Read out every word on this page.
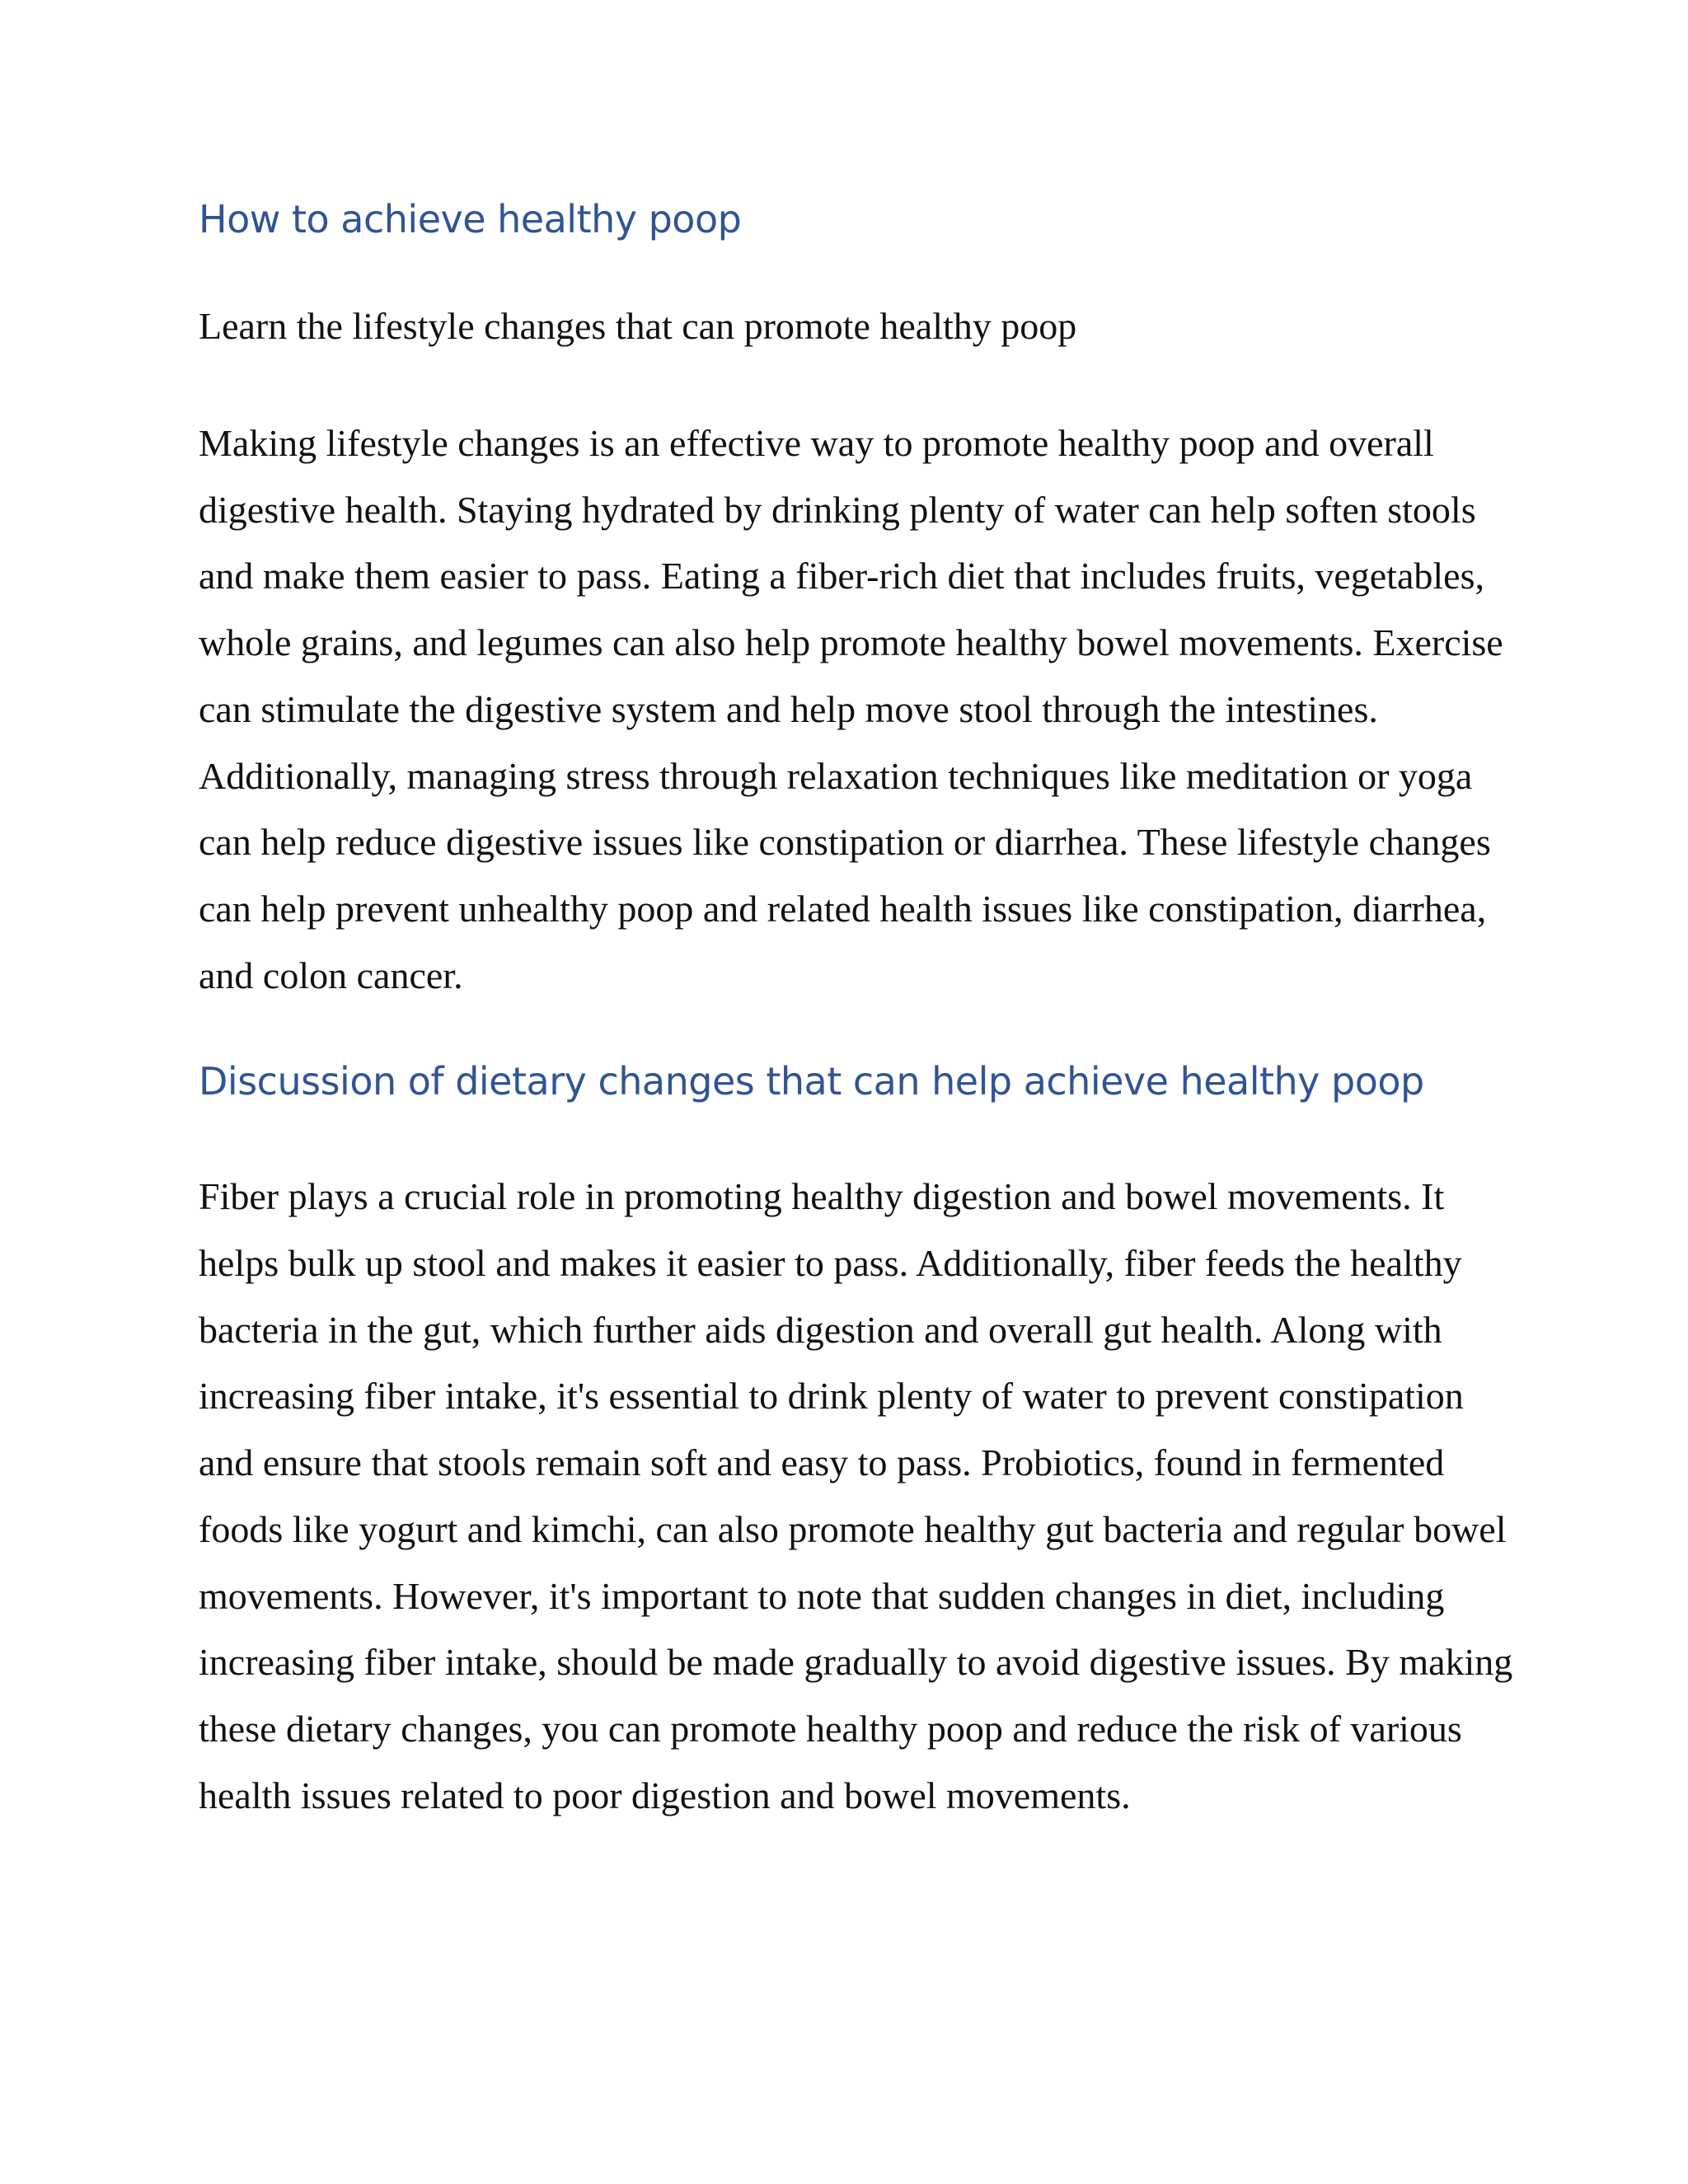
How to achieve healthy poop

Learn the lifestyle changes that can promote healthy poop

Making lifestyle changes is an effective way to promote healthy poop and overall digestive health. Staying hydrated by drinking plenty of water can help soften stools and make them easier to pass. Eating a fiber-rich diet that includes fruits, vegetables, whole grains, and legumes can also help promote healthy bowel movements. Exercise can stimulate the digestive system and help move stool through the intestines. Additionally, managing stress through relaxation techniques like meditation or yoga can help reduce digestive issues like constipation or diarrhea. These lifestyle changes can help prevent unhealthy poop and related health issues like constipation, diarrhea, and colon cancer.

Discussion of dietary changes that can help achieve healthy poop

Fiber plays a crucial role in promoting healthy digestion and bowel movements. It helps bulk up stool and makes it easier to pass. Additionally, fiber feeds the healthy bacteria in the gut, which further aids digestion and overall gut health. Along with increasing fiber intake, it's essential to drink plenty of water to prevent constipation and ensure that stools remain soft and easy to pass. Probiotics, found in fermented foods like yogurt and kimchi, can also promote healthy gut bacteria and regular bowel movements. However, it's important to note that sudden changes in diet, including increasing fiber intake, should be made gradually to avoid digestive issues. By making these dietary changes, you can promote healthy poop and reduce the risk of various health issues related to poor digestion and bowel movements.
